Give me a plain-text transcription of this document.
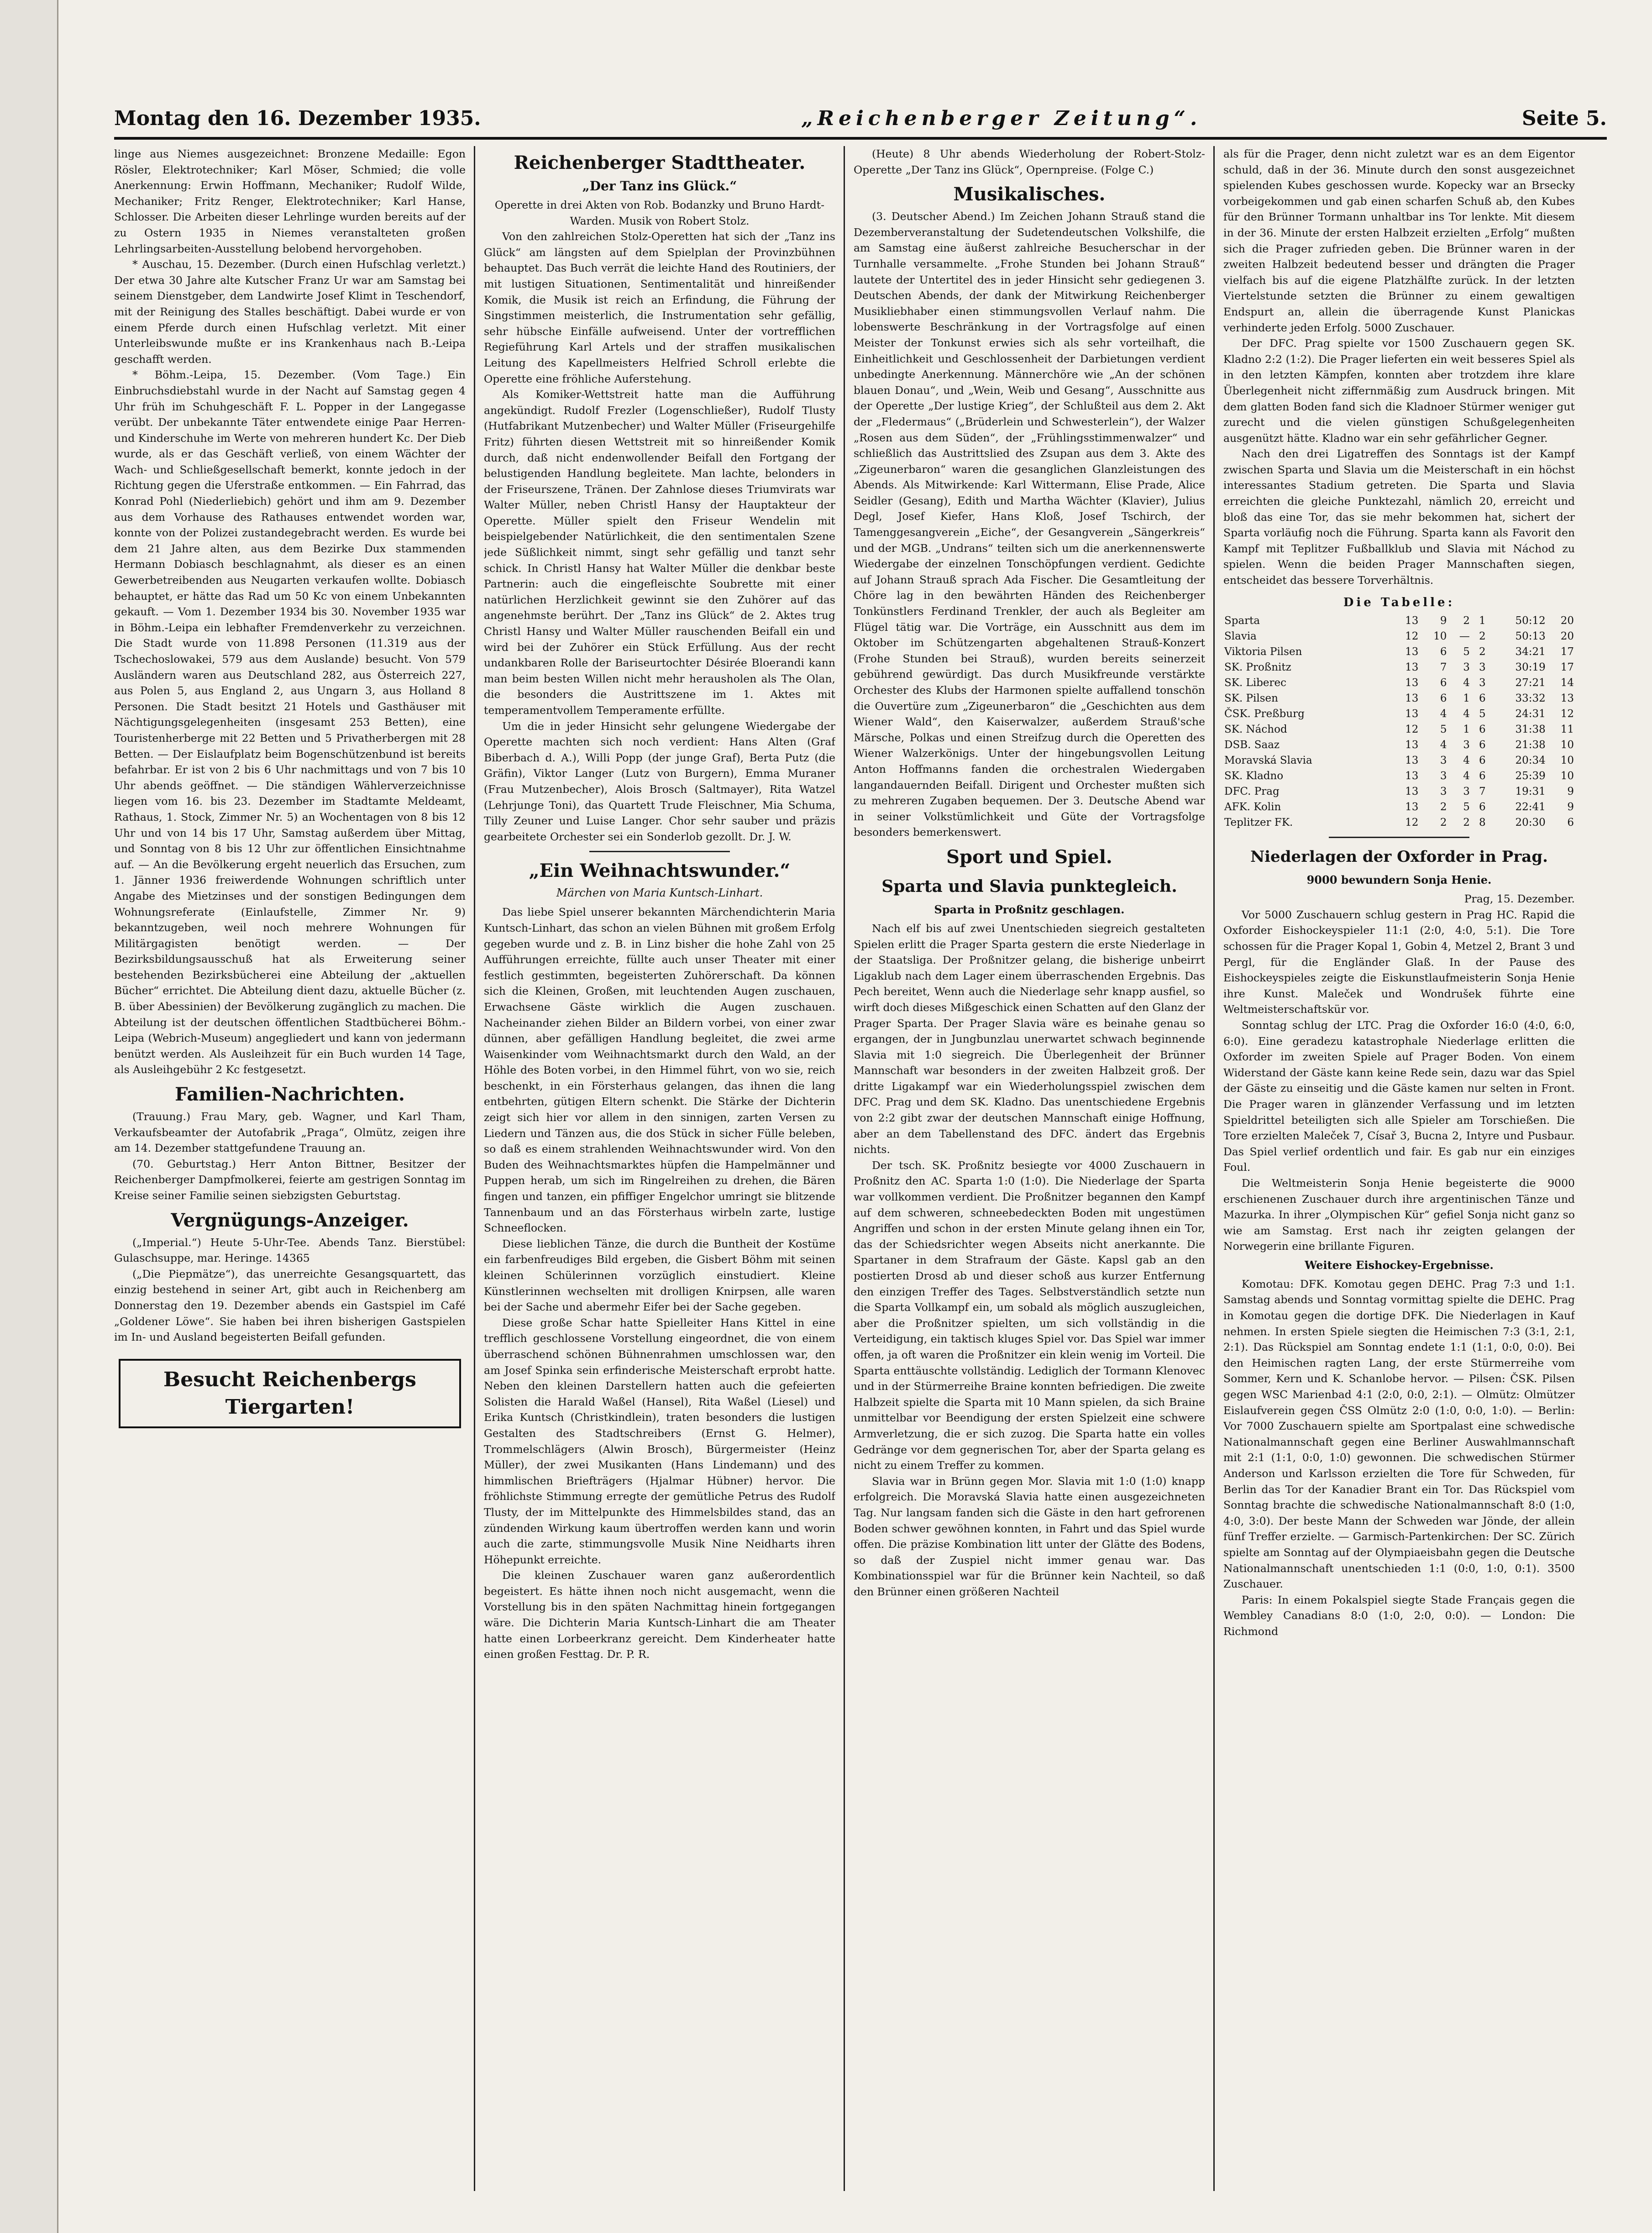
Montag den 16. Dezember 1935.	„Reichenberger Zeitung“.	Seite 5.

linge aus Niemes ausgezeichnet: Bronzene Medaille: Egon Rösler, Elektrotechniker; Karl Möser, Schmied; die volle Anerkennung: Erwin Hoffmann, Mechaniker; Rudolf Wilde, Mechaniker; Fritz Renger, Elektrotechniker; Karl Hanse, Schlosser. Die Arbeiten dieser Lehrlinge wurden bereits auf der zu Ostern 1935 in Niemes veranstalteten großen Lehrlingsarbeiten-Ausstellung belobend hervorgehoben.

* Auschau, 15. Dezember. (Durch einen Hufschlag verletzt.) Der etwa 30 Jahre alte Kutscher Franz Ur war am Samstag bei seinem Dienstgeber, dem Landwirte Josef Klimt in Teschendorf, mit der Reinigung des Stalles beschäftigt. Dabei wurde er von einem Pferde durch einen Hufschlag verletzt. Mit einer Unterleibswunde mußte er ins Krankenhaus nach B.-Leipa geschafft werden.

* Böhm.-Leipa, 15. Dezember. (Vom Tage.) Ein Einbruchsdiebstahl wurde in der Nacht auf Samstag gegen 4 Uhr früh im Schuhgeschäft F. L. Popper in der Langegasse verübt. Der unbekannte Täter entwendete einige Paar Herren- und Kinderschuhe im Werte von mehreren hundert Kc. Der Dieb wurde, als er das Geschäft verließ, von einem Wächter der Wach- und Schließgesellschaft bemerkt, konnte jedoch in der Richtung gegen die Uferstraße entkommen. — Ein Fahrrad, das Konrad Pohl (Niederliebich) gehört und ihm am 9. Dezember aus dem Vorhause des Rathauses entwendet worden war, konnte von der Polizei zustandegebracht werden. Es wurde bei dem 21 Jahre alten, aus dem Bezirke Dux stammenden Hermann Dobiasch beschlagnahmt, als dieser es an einen Gewerbetreibenden aus Neugarten verkaufen wollte. Dobiasch behauptet, er hätte das Rad um 50 Kc von einem Unbekannten gekauft. — Vom 1. Dezember 1934 bis 30. November 1935 war in Böhm.-Leipa ein lebhafter Fremdenverkehr zu verzeichnen. Die Stadt wurde von 11.898 Personen (11.319 aus der Tschechoslowakei, 579 aus dem Auslande) besucht. Von 579 Ausländern waren aus Deutschland 282, aus Österreich 227, aus Polen 5, aus England 2, aus Ungarn 3, aus Holland 8 Personen. Die Stadt besitzt 21 Hotels und Gasthäuser mit Nächtigungsgelegenheiten (insgesamt 253 Betten), eine Touristenherberge mit 22 Betten und 5 Privatherbergen mit 28 Betten. — Der Eislaufplatz beim Bogenschützenbund ist bereits befahrbar. Er ist von 2 bis 6 Uhr nachmittags und von 7 bis 10 Uhr abends geöffnet. — Die ständigen Wählerverzeichnisse liegen vom 16. bis 23. Dezember im Stadtamte Meldeamt, Rathaus, 1. Stock, Zimmer Nr. 5) an Wochentagen von 8 bis 12 Uhr und von 14 bis 17 Uhr, Samstag außerdem über Mittag, und Sonntag von 8 bis 12 Uhr zur öffentlichen Einsichtnahme auf. — An die Bevölkerung ergeht neuerlich das Ersuchen, zum 1. Jänner 1936 freiwerdende Wohnungen schriftlich unter Angabe des Mietzinses und der sonstigen Bedingungen dem Wohnungsreferate (Einlaufstelle, Zimmer Nr. 9) bekanntzugeben, weil noch mehrere Wohnungen für Militärgagisten benötigt werden. — Der Bezirksbildungsausschuß hat als Erweiterung seiner bestehenden Bezirksbücherei eine Abteilung der „aktuellen Bücher“ errichtet. Die Abteilung dient dazu, aktuelle Bücher (z. B. über Abessinien) der Bevölkerung zugänglich zu machen. Die Abteilung ist der deutschen öffentlichen Stadtbücherei Böhm.-Leipa (Webrich-Museum) angegliedert und kann von jedermann benützt werden. Als Ausleihzeit für ein Buch wurden 14 Tage, als Ausleihgebühr 2 Kc festgesetzt.

Familien-Nachrichten.

(Trauung.) Frau Mary, geb. Wagner, und Karl Tham, Verkaufsbeamter der Autofabrik „Praga“, Olmütz, zeigen ihre am 14. Dezember stattgefundene Trauung an.

(70. Geburtstag.) Herr Anton Bittner, Besitzer der Reichenberger Dampfmolkerei, feierte am gestrigen Sonntag im Kreise seiner Familie seinen siebzigsten Geburtstag.

Vergnügungs-Anzeiger.

(„Imperial.“) Heute 5-Uhr-Tee. Abends Tanz. Bierstübel: Gulaschsuppe, mar. Heringe. 14365

(„Die Piepmätze“), das unerreichte Gesangsquartett, das einzig bestehend in seiner Art, gibt auch in Reichenberg am Donnerstag den 19. Dezember abends ein Gastspiel im Café „Goldener Löwe“. Sie haben bei ihren bisherigen Gastspielen im In- und Ausland begeisterten Beifall gefunden.

Besucht Reichenbergs Tiergarten!
Reichenberger Stadttheater.
„Der Tanz ins Glück.“

Operette in drei Akten von Rob. Bodanzky und Bruno Hardt-Warden. Musik von Robert Stolz.

Von den zahlreichen Stolz-Operetten hat sich der „Tanz ins Glück“ am längsten auf dem Spielplan der Provinzbühnen behauptet. Das Buch verrät die leichte Hand des Routiniers, der mit lustigen Situationen, Sentimentalität und hinreißender Komik, die Musik ist reich an Erfindung, die Führung der Singstimmen meisterlich, die Instrumentation sehr gefällig, sehr hübsche Einfälle aufweisend. Unter der vortrefflichen Regieführung Karl Artels und der straffen musikalischen Leitung des Kapellmeisters Helfried Schroll erlebte die Operette eine fröhliche Auferstehung.

Als Komiker-Wettstreit hatte man die Aufführung angekündigt. Rudolf Frezler (Logenschließer), Rudolf Tlusty (Hutfabrikant Mutzenbecher) und Walter Müller (Friseurgehilfe Fritz) führten diesen Wettstreit mit so hinreißender Komik durch, daß nicht endenwollender Beifall den Fortgang der belustigenden Handlung begleitete. Man lachte, belonders in der Friseurszene, Tränen. Der Zahnlose dieses Triumvirats war Walter Müller, neben Christl Hansy der Hauptakteur der Operette. Müller spielt den Friseur Wendelin mit beispielgebender Natürlichkeit, die den sentimentalen Szene jede Süßlichkeit nimmt, singt sehr gefällig und tanzt sehr schick. In Christl Hansy hat Walter Müller die denkbar beste Partnerin: auch die eingefleischte Soubrette mit einer natürlichen Herzlichkeit gewinnt sie den Zuhörer auf das angenehmste berührt. Der „Tanz ins Glück“ de 2. Aktes trug Christl Hansy und Walter Müller rauschenden Beifall ein und wird bei der Zuhörer ein Stück Erfüllung. Aus der recht undankbaren Rolle der Bariseurtochter Désirée Bloerandi kann man beim besten Willen nicht mehr herausholen als The Olan, die besonders die Austrittszene im 1. Aktes mit temperamentvollem Temperamente erfüllte.

Um die in jeder Hinsicht sehr gelungene Wiedergabe der Operette machten sich noch verdient: Hans Alten (Graf Biberbach d. A.), Willi Popp (der junge Graf), Berta Putz (die Gräfin), Viktor Langer (Lutz von Burgern), Emma Muraner (Frau Mutzenbecher), Alois Brosch (Saltmayer), Rita Watzel (Lehrjunge Toni), das Quartett Trude Fleischner, Mia Schuma, Tilly Zeuner und Luise Langer. Chor sehr sauber und präzis gearbeitete Orchester sei ein Sonderlob gezollt. Dr. J. W.

„Ein Weihnachtswunder.“
Märchen von Maria Kuntsch-Linhart.

Das liebe Spiel unserer bekannten Märchendichterin Maria Kuntsch-Linhart, das schon an vielen Bühnen mit großem Erfolg gegeben wurde und z. B. in Linz bisher die hohe Zahl von 25 Aufführungen erreichte, füllte auch unser Theater mit einer festlich gestimmten, begeisterten Zuhörerschaft. Da können sich die Kleinen, Großen, mit leuchtenden Augen zuschauen, Erwachsene Gäste wirklich die Augen zuschauen. Nacheinander ziehen Bilder an Bildern vorbei, von einer zwar dünnen, aber gefälligen Handlung begleitet, die zwei arme Waisenkinder vom Weihnachtsmarkt durch den Wald, an der Höhle des Boten vorbei, in den Himmel führt, von wo sie, reich beschenkt, in ein Försterhaus gelangen, das ihnen die lang entbehrten, gütigen Eltern schenkt. Die Stärke der Dichterin zeigt sich hier vor allem in den sinnigen, zarten Versen zu Liedern und Tänzen aus, die dos Stück in sicher Fülle beleben, so daß es einem strahlenden Weihnachtswunder wird. Von den Buden des Weihnachtsmarktes hüpfen die Hampelmänner und Puppen herab, um sich im Ringelreihen zu drehen, die Bären fingen und tanzen, ein pfiffiger Engelchor umringt sie blitzende Tannenbaum und an das Försterhaus wirbeln zarte, lustige Schneeflocken.

Diese lieblichen Tänze, die durch die Buntheit der Kostüme ein farbenfreudiges Bild ergeben, die Gisbert Böhm mit seinen kleinen Schülerinnen vorzüglich einstudiert. Kleine Künstlerinnen wechselten mit drolligen Knirpsen, alle waren bei der Sache und abermehr Eifer bei der Sache gegeben.

Diese große Schar hatte Spielleiter Hans Kittel in eine trefflich geschlossene Vorstellung eingeordnet, die von einem überraschend schönen Bühnenrahmen umschlossen war, den am Josef Spinka sein erfinderische Meisterschaft erprobt hatte. Neben den kleinen Darstellern hatten auch die gefeierten Solisten die Harald Waßel (Hansel), Rita Waßel (Liesel) und Erika Kuntsch (Christkindlein), traten besonders die lustigen Gestalten des Stadtschreibers (Ernst G. Helmer), Trommelschlägers (Alwin Brosch), Bürgermeister (Heinz Müller), der zwei Musikanten (Hans Lindemann) und des himmlischen Briefträgers (Hjalmar Hübner) hervor. Die fröhlichste Stimmung erregte der gemütliche Petrus des Rudolf Tlusty, der im Mittelpunkte des Himmelsbildes stand, das an zündenden Wirkung kaum übertroffen werden kann und worin auch die zarte, stimmungsvolle Musik Nine Neidharts ihren Höhepunkt erreichte.

Die kleinen Zuschauer waren ganz außerordentlich begeistert. Es hätte ihnen noch nicht ausgemacht, wenn die Vorstellung bis in den späten Nachmittag hinein fortgegangen wäre. Die Dichterin Maria Kuntsch-Linhart die am Theater hatte einen Lorbeerkranz gereicht. Dem Kinderheater hatte einen großen Festtag. Dr. P. R.

(Heute) 8 Uhr abends Wiederholung der Robert-Stolz-Operette „Der Tanz ins Glück“, Opernpreise. (Folge C.)

Musikalisches.

(3. Deutscher Abend.) Im Zeichen Johann Strauß stand die Dezemberveranstaltung der Sudetendeutschen Volkshilfe, die am Samstag eine äußerst zahlreiche Besucherschar in der Turnhalle versammelte. „Frohe Stunden bei Johann Strauß“ lautete der Untertitel des in jeder Hinsicht sehr gediegenen 3. Deutschen Abends, der dank der Mitwirkung Reichenberger Musikliebhaber einen stimmungsvollen Verlauf nahm. Die lobenswerte Beschränkung in der Vortragsfolge auf einen Meister der Tonkunst erwies sich als sehr vorteilhaft, die Einheitlichkeit und Geschlossenheit der Darbietungen verdient unbedingte Anerkennung. Männerchöre wie „An der schönen blauen Donau“, und „Wein, Weib und Gesang“, Ausschnitte aus der Operette „Der lustige Krieg“, der Schlußteil aus dem 2. Akt der „Fledermaus“ („Brüderlein und Schwesterlein“), der Walzer „Rosen aus dem Süden“, der „Frühlingsstimmenwalzer“ und schließlich das Austrittslied des Zsupan aus dem 3. Akte des „Zigeunerbaron“ waren die gesanglichen Glanzleistungen des Abends. Als Mitwirkende: Karl Wittermann, Elise Prade, Alice Seidler (Gesang), Edith und Martha Wächter (Klavier), Julius Degl, Josef Kiefer, Hans Kloß, Josef Tschirch, der Tamenggesangverein „Eiche“, der Gesangverein „Sängerkreis“ und der MGB. „Undrans“ teilten sich um die anerkennenswerte Wiedergabe der einzelnen Tonschöpfungen verdient. Gedichte auf Johann Strauß sprach Ada Fischer. Die Gesamtleitung der Chöre lag in den bewährten Händen des Reichenberger Tonkünstlers Ferdinand Trenkler, der auch als Begleiter am Flügel tätig war. Die Vorträge, ein Ausschnitt aus dem im Oktober im Schützengarten abgehaltenen Strauß-Konzert (Frohe Stunden bei Strauß), wurden bereits seinerzeit gebührend gewürdigt. Das durch Musikfreunde verstärkte Orchester des Klubs der Harmonen spielte auffallend tonschön die Ouvertüre zum „Zigeunerbaron“ die „Geschichten aus dem Wiener Wald“, den Kaiserwalzer, außerdem Strauß'sche Märsche, Polkas und einen Streifzug durch die Operetten des Wiener Walzerkönigs. Unter der hingebungsvollen Leitung Anton Hoffmanns fanden die orchestralen Wiedergaben langandauernden Beifall. Dirigent und Orchester mußten sich zu mehreren Zugaben bequemen. Der 3. Deutsche Abend war in seiner Volkstümlichkeit und Güte der Vortragsfolge besonders bemerkenswert.

Sport und Spiel.
Sparta und Slavia punktegleich.
Sparta in Proßnitz geschlagen.

Nach elf bis auf zwei Unentschieden siegreich gestalteten Spielen erlitt die Prager Sparta gestern die erste Niederlage in der Staatsliga. Der Proßnitzer gelang, die bisherige unbeirrt Ligaklub nach dem Lager einem überraschenden Ergebnis. Das Pech bereitet, Wenn auch die Niederlage sehr knapp ausfiel, so wirft doch dieses Mißgeschick einen Schatten auf den Glanz der Prager Sparta. Der Prager Slavia wäre es beinahe genau so ergangen, der in Jungbunzlau unerwartet schwach beginnende Slavia mit 1:0 siegreich. Die Überlegenheit der Brünner Mannschaft war besonders in der zweiten Halbzeit groß. Der dritte Ligakampf war ein Wiederholungsspiel zwischen dem DFC. Prag und dem SK. Kladno. Das unentschiedene Ergebnis von 2:2 gibt zwar der deutschen Mannschaft einige Hoffnung, aber an dem Tabellenstand des DFC. ändert das Ergebnis nichts.

Der tsch. SK. Proßnitz besiegte vor 4000 Zuschauern in Proßnitz den AC. Sparta 1:0 (1:0). Die Niederlage der Sparta war vollkommen verdient. Die Proßnitzer begannen den Kampf auf dem schweren, schneebedeckten Boden mit ungestümen Angriffen und schon in der ersten Minute gelang ihnen ein Tor, das der Schiedsrichter wegen Abseits nicht anerkannte. Die Spartaner in dem Strafraum der Gäste. Kapsl gab an den postierten Drosd ab und dieser schoß aus kurzer Entfernung den einzigen Treffer des Tages. Selbstverständlich setzte nun die Sparta Vollkampf ein, um sobald als möglich auszugleichen, aber die Proßnitzer spielten, um sich vollständig in die Verteidigung, ein taktisch kluges Spiel vor. Das Spiel war immer offen, ja oft waren die Proßnitzer ein klein wenig im Vorteil. Die Sparta enttäuschte vollständig. Lediglich der Tormann Klenovec und in der Stürmerreihe Braine konnten befriedigen. Die zweite Halbzeit spielte die Sparta mit 10 Mann spielen, da sich Braine unmittelbar vor Beendigung der ersten Spielzeit eine schwere Armverletzung, die er sich zuzog. Die Sparta hatte ein volles Gedränge vor dem gegnerischen Tor, aber der Sparta gelang es nicht zu einem Treffer zu kommen.

Slavia war in Brünn gegen Mor. Slavia mit 1:0 (1:0) knapp erfolgreich. Die Moravská Slavia hatte einen ausgezeichneten Tag. Nur langsam fanden sich die Gäste in den hart gefrorenen Boden schwer gewöhnen konnten, in Fahrt und das Spiel wurde offen. Die präzise Kombination litt unter der Glätte des Bodens, so daß der Zuspiel nicht immer genau war. Das Kombinationsspiel war für die Brünner kein Nachteil, so daß den Brünner einen größeren Nachteil

als für die Prager, denn nicht zuletzt war es an dem Eigentor schuld, daß in der 36. Minute durch den sonst ausgezeichnet spielenden Kubes geschossen wurde. Kopecky war an Brsecky vorbeigekommen und gab einen scharfen Schuß ab, den Kubes für den Brünner Tormann unhaltbar ins Tor lenkte. Mit diesem in der 36. Minute der ersten Halbzeit erzielten „Erfolg“ mußten sich die Prager zufrieden geben. Die Brünner waren in der zweiten Halbzeit bedeutend besser und drängten die Prager vielfach bis auf die eigene Platzhälfte zurück. In der letzten Viertelstunde setzten die Brünner zu einem gewaltigen Endspurt an, allein die überragende Kunst Planickas verhinderte jeden Erfolg. 5000 Zuschauer.

Der DFC. Prag spielte vor 1500 Zuschauern gegen SK. Kladno 2:2 (1:2). Die Prager lieferten ein weit besseres Spiel als in den letzten Kämpfen, konnten aber trotzdem ihre klare Überlegenheit nicht ziffernmäßig zum Ausdruck bringen. Mit dem glatten Boden fand sich die Kladnoer Stürmer weniger gut zurecht und die vielen günstigen Schußgelegenheiten ausgenützt hätte. Kladno war ein sehr gefährlicher Gegner.

Nach den drei Ligatreffen des Sonntags ist der Kampf zwischen Sparta und Slavia um die Meisterschaft in ein höchst interessantes Stadium getreten. Die Sparta und Slavia erreichten die gleiche Punktezahl, nämlich 20, erreicht und bloß das eine Tor, das sie mehr bekommen hat, sichert der Sparta vorläufig noch die Führung. Sparta kann als Favorit den Kampf mit Teplitzer Fußballklub und Slavia mit Náchod zu spielen. Wenn die beiden Prager Mannschaften siegen, entscheidet das bessere Torverhältnis.

Die Tabelle:
Sparta	13	9	2	1	50:12	20
Slavia	12	10	—	2	50:13	20
Viktoria Pilsen	13	6	5	2	34:21	17
SK. Proßnitz	13	7	3	3	30:19	17
SK. Liberec	13	6	4	3	27:21	14
SK. Pilsen	13	6	1	6	33:32	13
ČSK. Preßburg	13	4	4	5	24:31	12
SK. Náchod	12	5	1	6	31:38	11
DSB. Saaz	13	4	3	6	21:38	10
Moravská Slavia	13	3	4	6	20:34	10
SK. Kladno	13	3	4	6	25:39	10
DFC. Prag	13	3	3	7	19:31	9
AFK. Kolin	13	2	5	6	22:41	9
Teplitzer FK.	12	2	2	8	20:30	6
Niederlagen der Oxforder in Prag.
9000 bewundern Sonja Henie.

Prag, 15. Dezember.

Vor 5000 Zuschauern schlug gestern in Prag HC. Rapid die Oxforder Eishockeyspieler 11:1 (2:0, 4:0, 5:1). Die Tore schossen für die Prager Kopal 1, Gobin 4, Metzel 2, Brant 3 und Pergl, für die Engländer Glaß. In der Pause des Eishockeyspieles zeigte die Eiskunstlaufmeisterin Sonja Henie ihre Kunst. Maleček und Wondrušek führte eine Weltmeisterschaftskür vor.

Sonntag schlug der LTC. Prag die Oxforder 16:0 (4:0, 6:0, 6:0). Eine geradezu katastrophale Niederlage erlitten die Oxforder im zweiten Spiele auf Prager Boden. Von einem Widerstand der Gäste kann keine Rede sein, dazu war das Spiel der Gäste zu einseitig und die Gäste kamen nur selten in Front. Die Prager waren in glänzender Verfassung und im letzten Spieldrittel beteiligten sich alle Spieler am Torschießen. Die Tore erzielten Maleček 7, Císař 3, Bucna 2, Intyre und Pusbaur. Das Spiel verlief ordentlich und fair. Es gab nur ein einziges Foul.

Die Weltmeisterin Sonja Henie begeisterte die 9000 erschienenen Zuschauer durch ihre argentinischen Tänze und Mazurka. In ihrer „Olympischen Kür“ gefiel Sonja nicht ganz so wie am Samstag. Erst nach ihr zeigten gelangen der Norwegerin eine brillante Figuren.

Weitere Eishockey-Ergebnisse.

Komotau: DFK. Komotau gegen DEHC. Prag 7:3 und 1:1. Samstag abends und Sonntag vormittag spielte die DEHC. Prag in Komotau gegen die dortige DFK. Die Niederlagen in Kauf nehmen. In ersten Spiele siegten die Heimischen 7:3 (3:1, 2:1, 2:1). Das Rückspiel am Sonntag endete 1:1 (1:1, 0:0, 0:0). Bei den Heimischen ragten Lang, der erste Stürmerreihe vom Sommer, Kern und K. Schanlobe hervor. — Pilsen: ČSK. Pilsen gegen WSC Marienbad 4:1 (2:0, 0:0, 2:1). — Olmütz: Olmützer Eislaufverein gegen ČSS Olmütz 2:0 (1:0, 0:0, 1:0). — Berlin: Vor 7000 Zuschauern spielte am Sportpalast eine schwedische Nationalmannschaft gegen eine Berliner Auswahlmannschaft mit 2:1 (1:1, 0:0, 1:0) gewonnen. Die schwedischen Stürmer Anderson und Karlsson erzielten die Tore für Schweden, für Berlin das Tor der Kanadier Brant ein Tor. Das Rückspiel vom Sonntag brachte die schwedische Nationalmannschaft 8:0 (1:0, 4:0, 3:0). Der beste Mann der Schweden war Jönde, der allein fünf Treffer erzielte. — Garmisch-Partenkirchen: Der SC. Zürich spielte am Sonntag auf der Olympiaeisbahn gegen die Deutsche Nationalmannschaft unentschieden 1:1 (0:0, 1:0, 0:1). 3500 Zuschauer.

Paris: In einem Pokalspiel siegte Stade Français gegen die Wembley Canadians 8:0 (1:0, 2:0, 0:0). — London: Die Richmond
